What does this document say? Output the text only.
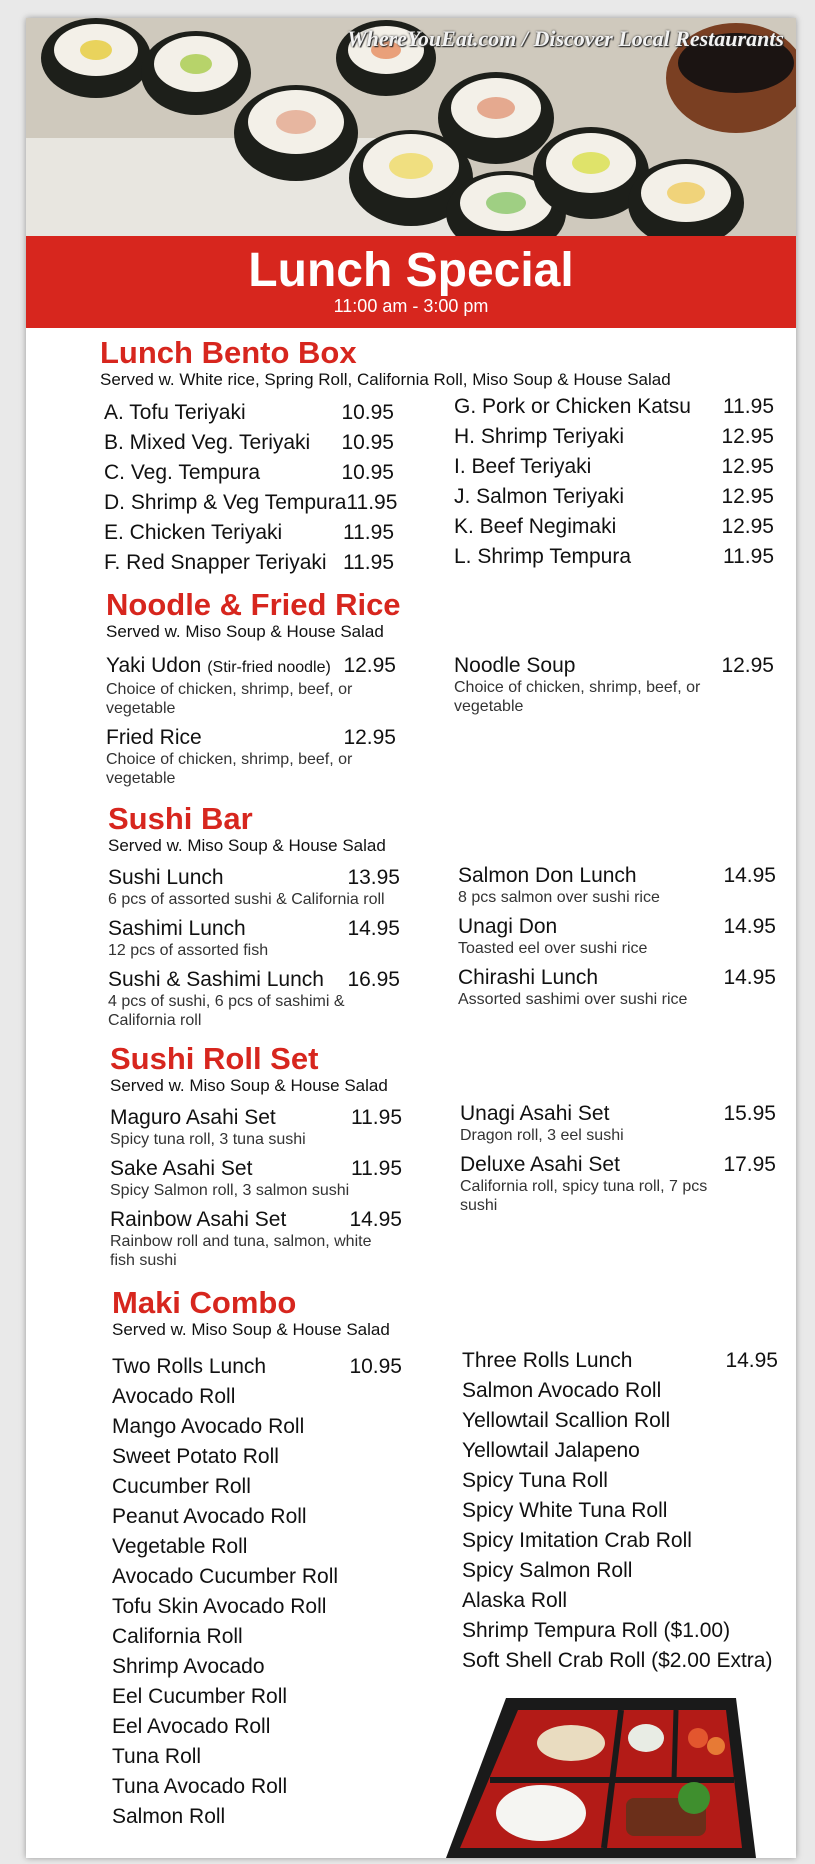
WhereYouEat.com / Discover Local Restaurants
Lunch Special
11:00 am - 3:00 pm
Lunch Bento Box
Served w. White rice, Spring Roll, California Roll, Miso Soup & House Salad
A. Tofu Teriyaki	10.95
B. Mixed Veg. Teriyaki 10.95
C. Veg. Tempura	10.95
D. Shrimp & Veg Tempura 11.95
E. Chicken Teriyaki	11.95
F. Red Snapper Teriyaki 11.95
G. Pork or Chicken Katsu 11.95
H. Shrimp Teriyaki	12.95
I. Beef Teriyaki	12.95
J. Salmon Teriyaki	12.95
K. Beef Negimaki	12.95
L. Shrimp Tempura	11.95
Noodle & Fried Rice
Served w. Miso Soup & House Salad
Yaki Udon (Stir-fried noodle) 12.95
Choice of chicken, shrimp, beef, or vegetable
Fried Rice	12.95
Choice of chicken, shrimp, beef, or vegetable
Noodle Soup	12.95
Choice of chicken, shrimp, beef, or vegetable
Sushi Bar
Served w. Miso Soup & House Salad
Sushi Lunch	13.95
6 pcs of assorted sushi & California roll
Sashimi Lunch	14.95
12 pcs of assorted fish
Sushi & Sashimi Lunch 16.95
4 pcs of sushi, 6 pcs of sashimi & California roll
Salmon Don Lunch	14.95
8 pcs salmon over sushi rice
Unagi Don	14.95
Toasted eel over sushi rice
Chirashi Lunch	14.95
Assorted sashimi over sushi rice
Sushi Roll Set
Served w. Miso Soup & House Salad
Maguro Asahi Set	11.95
Spicy tuna roll, 3 tuna sushi
Sake Asahi Set	11.95
Spicy Salmon roll, 3 salmon sushi
Rainbow Asahi Set	14.95
Rainbow roll and tuna, salmon, white fish sushi
Unagi Asahi Set	15.95
Dragon roll, 3 eel sushi
Deluxe Asahi Set	17.95
California roll, spicy tuna roll, 7 pcs sushi
Maki Combo
Served w. Miso Soup & House Salad
Two Rolls Lunch	10.95
Avocado Roll
Mango Avocado Roll
Sweet Potato Roll
Cucumber Roll
Peanut Avocado Roll
Vegetable Roll
Avocado Cucumber Roll
Tofu Skin Avocado Roll
California Roll
Shrimp Avocado
Eel Cucumber Roll
Eel Avocado Roll
Tuna Roll
Tuna Avocado Roll
Salmon Roll
Three Rolls Lunch	14.95
Salmon Avocado Roll
Yellowtail Scallion Roll
Yellowtail Jalapeno
Spicy Tuna Roll
Spicy White Tuna Roll
Spicy Imitation Crab Roll
Spicy Salmon Roll
Alaska Roll
Shrimp Tempura Roll ($1.00)
Soft Shell Crab Roll ($2.00 Extra)
